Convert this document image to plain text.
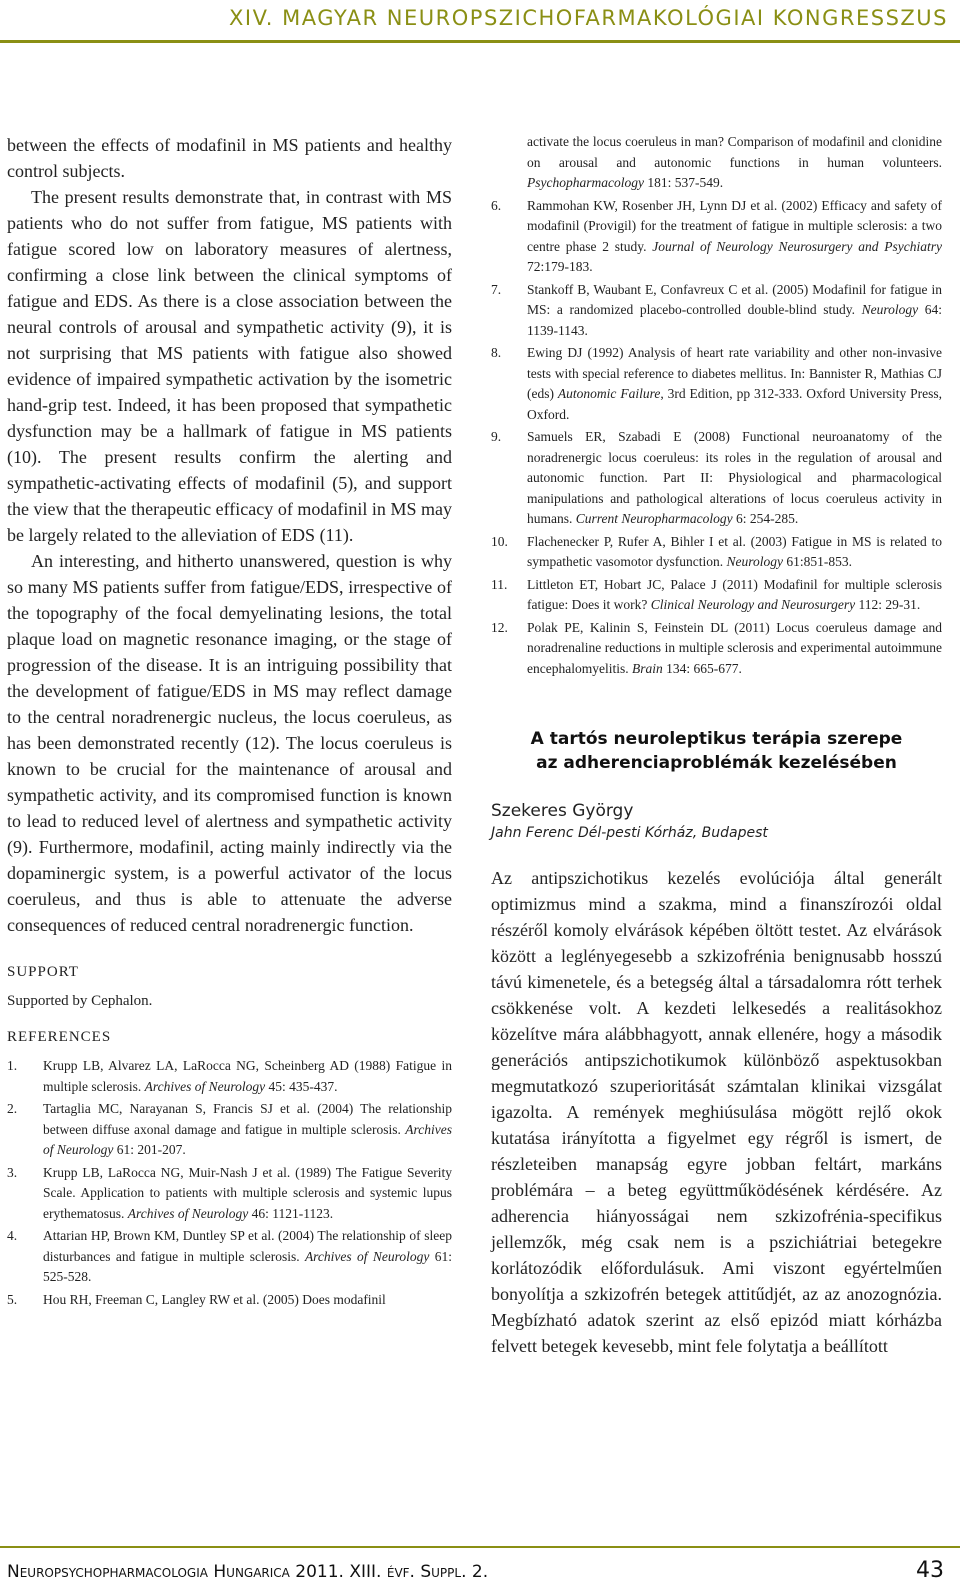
XIV. MAGYAR NEUROPSZICHOFARMAKOLÓGIAI KONGRESSZUS

between the effects of modafinil in MS patients and healthy control subjects.

The present results demonstrate that, in contrast with MS patients who do not suffer from fatigue, MS patients with fatigue scored low on laboratory measures of alertness, confirming a close link between the clinical symptoms of fatigue and EDS. As there is a close association between the neural controls of arousal and sympathetic activity (9), it is not surprising that MS patients with fatigue also showed evidence of impaired sympathetic activation by the isometric hand-grip test. Indeed, it has been proposed that sympathetic dysfunction may be a hallmark of fatigue in MS patients (10). The present results confirm the alerting and sympathetic-activating effects of modafinil (5), and support the view that the therapeutic efficacy of modafinil in MS may be largely related to the alleviation of EDS (11).

An interesting, and hitherto unanswered, question is why so many MS patients suffer from fatigue/EDS, irrespective of the topography of the focal demyelinating lesions, the total plaque load on magnetic resonance imaging, or the stage of progression of the disease. It is an intriguing possibility that the development of fatigue/EDS in MS may reflect damage to the central noradrenergic nucleus, the locus coeruleus, as has been demonstrated recently (12). The locus coeruleus is known to be crucial for the maintenance of arousal and sympathetic activity, and its compromised function is known to lead to reduced level of alertness and sympathetic activity (9). Furthermore, modafinil, acting mainly indirectly via the dopaminergic system, is a powerful activator of the locus coeruleus, and thus is able to attenuate the adverse consequences of reduced central noradrenergic function.

SUPPORT

Supported by Cephalon.

REFERENCES
1. Krupp LB, Alvarez LA, LaRocca NG, Scheinberg AD (1988) Fatigue in multiple sclerosis. Archives of Neurology 45: 435-437.
2. Tartaglia MC, Narayanan S, Francis SJ et al. (2004) The relationship between diffuse axonal damage and fatigue in multiple sclerosis. Archives of Neurology 61: 201-207.
3. Krupp LB, LaRocca NG, Muir-Nash J et al. (1989) The Fatigue Severity Scale. Application to patients with multiple sclerosis and systemic lupus erythematosus. Archives of Neurology 46: 1121-1123.
4. Attarian HP, Brown KM, Duntley SP et al. (2004) The relationship of sleep disturbances and fatigue in multiple sclerosis. Archives of Neurology 61: 525-528.
5. Hou RH, Freeman C, Langley RW et al. (2005) Does modafinil
activate the locus coeruleus in man? Comparison of modafinil and clonidine on arousal and autonomic functions in human volunteers. Psychopharmacology 181: 537-549.
6. Rammohan KW, Rosenber JH, Lynn DJ et al. (2002) Efficacy and safety of modafinil (Provigil) for the treatment of fatigue in multiple sclerosis: a two centre phase 2 study. Journal of Neurology Neurosurgery and Psychiatry 72:179-183.
7. Stankoff B, Waubant E, Confavreux C et al. (2005) Modafinil for fatigue in MS: a randomized placebo-controlled double-blind study. Neurology 64: 1139-1143.
8. Ewing DJ (1992) Analysis of heart rate variability and other non-invasive tests with special reference to diabetes mellitus. In: Bannister R, Mathias CJ (eds) Autonomic Failure, 3rd Edition, pp 312-333. Oxford University Press, Oxford.
9. Samuels ER, Szabadi E (2008) Functional neuroanatomy of the noradrenergic locus coeruleus: its roles in the regulation of arousal and autonomic function. Part II: Physiological and pharmacological manipulations and pathological alterations of locus coeruleus activity in humans. Current Neuropharmacology 6: 254-285.
10. Flachenecker P, Rufer A, Bihler I et al. (2003) Fatigue in MS is related to sympathetic vasomotor dysfunction. Neurology 61:851-853.
11. Littleton ET, Hobart JC, Palace J (2011) Modafinil for multiple sclerosis fatigue: Does it work? Clinical Neurology and Neurosurgery 112: 29-31.
12. Polak PE, Kalinin S, Feinstein DL (2011) Locus coeruleus damage and noradrenaline reductions in multiple sclerosis and experimental autoimmune encephalomyelitis. Brain 134: 665-677.
A tartós neuroleptikus terápia szerepe
az adherenciaproblémák kezelésében
Szekeres György
Jahn Ferenc Dél-pesti Kórház, Budapest

Az antipszichotikus kezelés evolúciója által generált optimizmus mind a szakma, mind a finanszírozói oldal részéről komoly elvárások képében öltött testet. Az elvárások között a leglényegesebb a szkizofrénia benignusabb hosszú távú kimenetele, és a betegség által a társadalomra rótt terhek csökkenése volt. A kezdeti lelkesedés a realitásokhoz közelítve mára alábbhagyott, annak ellenére, hogy a második generációs antipszichotikumok különböző aspektusokban megmutatkozó szuperioritását számtalan klinikai vizsgálat igazolta. A remények meghiúsulása mögött rejlő okok kutatása irányította a figyelmet egy régről is ismert, de részleteiben manapság egyre jobban feltárt, markáns problémára – a beteg együttműködésének kérdésére. Az adherencia hiányosságai nem szkizofrénia-specifikus jellemzők, még csak nem is a pszichiátriai betegekre korlátozódik előfordulásuk. Ami viszont egyértelműen bonyolítja a szkizofrén betegek attitűdjét, az az anozognózia. Megbízható adatok szerint az első epizód miatt kórházba felvett betegek kevesebb, mint fele folytatja a beállított

Neuropsychopharmacologia Hungarica 2011. XIII. évf. Suppl. 2.	43
